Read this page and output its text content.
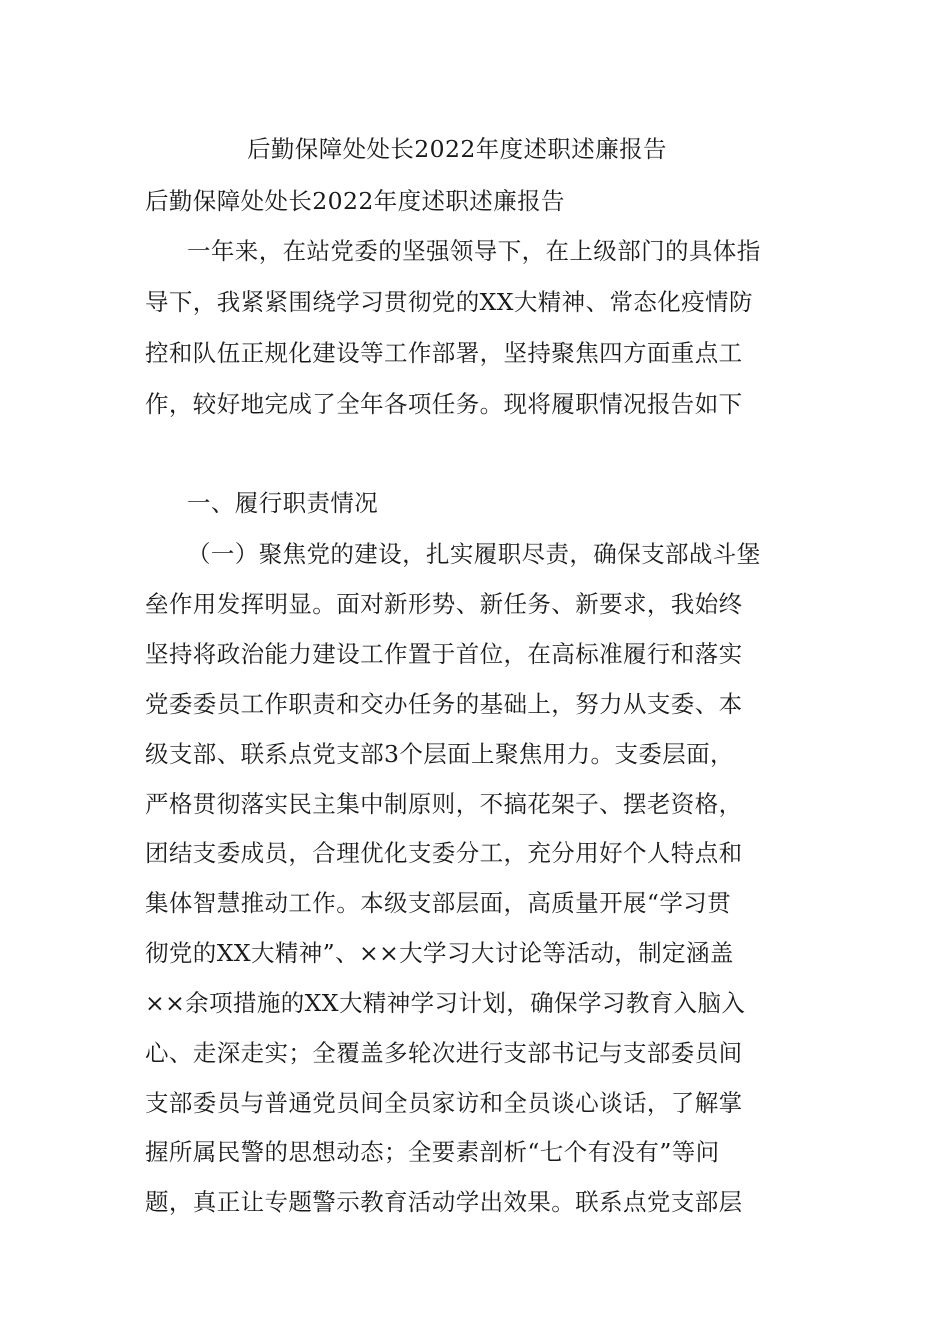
后勤保障处处长2022年度述职述廉报告

后勤保障处处长2022年度述职述廉报告

一年来，在站党委的坚强领导下，在上级部门的具体指

导下，我紧紧围绕学习贯彻党的XX大精神、常态化疫情防

控和队伍正规化建设等工作部署，坚持聚焦四方面重点工

作，较好地完成了全年各项任务。现将履职情况报告如下

一、履行职责情况

（一）聚焦党的建设，扎实履职尽责，确保支部战斗堡

垒作用发挥明显。面对新形势、新任务、新要求，我始终

坚持将政治能力建设工作置于首位，在高标准履行和落实

党委委员工作职责和交办任务的基础上，努力从支委、本

级支部、联系点党支部3个层面上聚焦用力。支委层面，

严格贯彻落实民主集中制原则，不搞花架子、摆老资格，

团结支委成员，合理优化支委分工，充分用好个人特点和

集体智慧推动工作。本级支部层面，高质量开展“学习贯

彻党的XX大精神”、××大学习大讨论等活动，制定涵盖

××余项措施的XX大精神学习计划，确保学习教育入脑入

心、走深走实；全覆盖多轮次进行支部书记与支部委员间

支部委员与普通党员间全员家访和全员谈心谈话，了解掌

握所属民警的思想动态；全要素剖析“七个有没有”等问

题，真正让专题警示教育活动学出效果。联系点党支部层
